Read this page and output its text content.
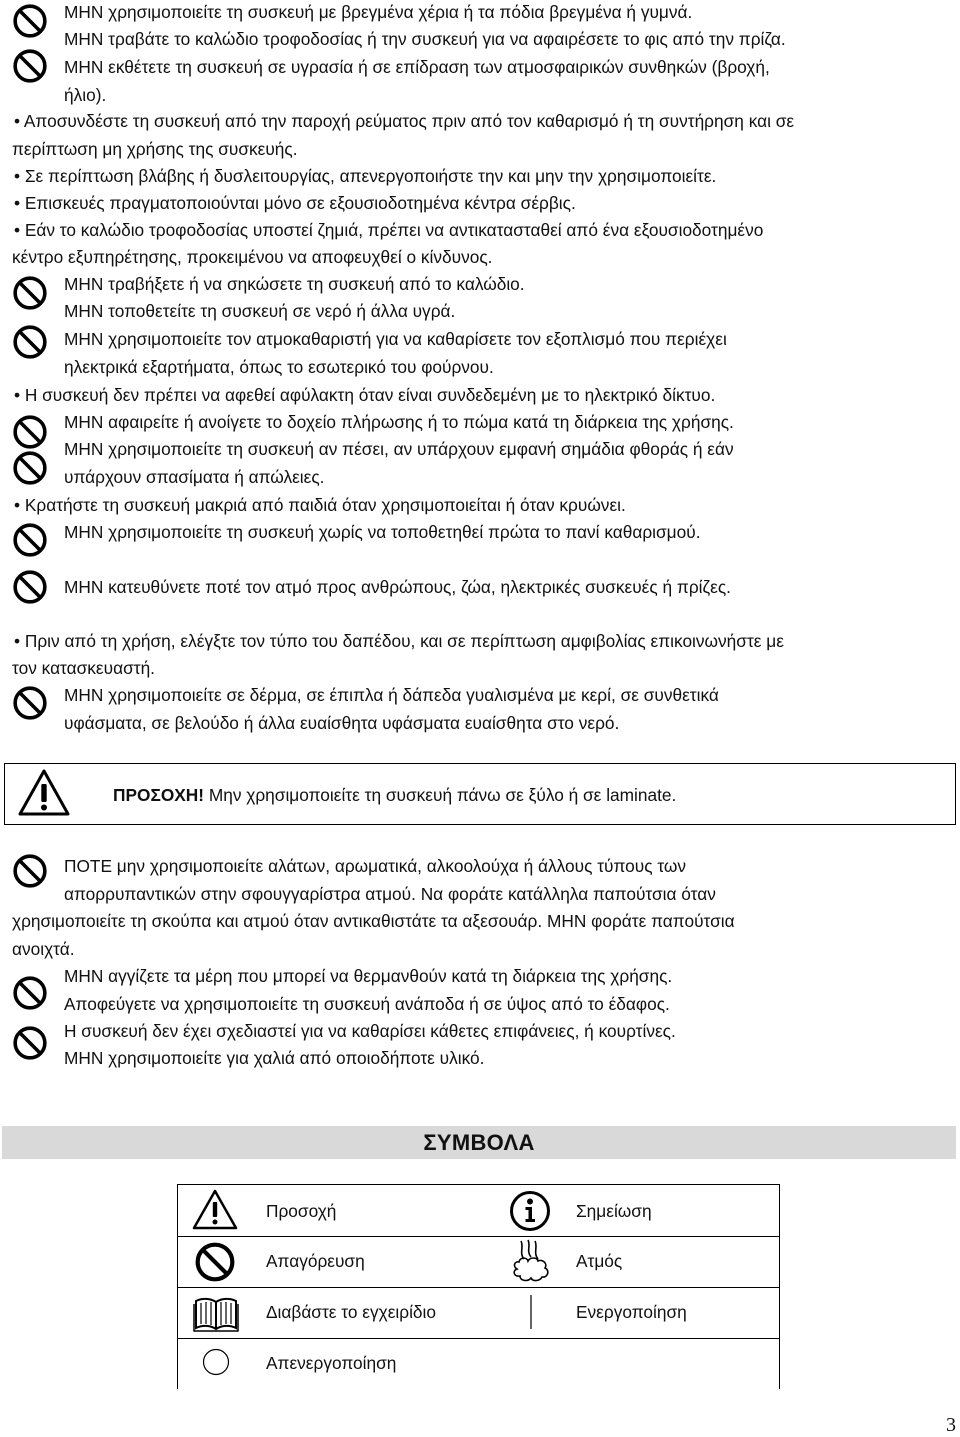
ΜΗΝ χρησιμοποιείτε τη συσκευή με βρεγμένα χέρια ή τα πόδια βρεγμένα ή γυμνά.
ΜΗΝ τραβάτε το καλώδιο τροφοδοσίας ή την συσκευή για να αφαιρέσετε το φις από την πρίζα.
ΜΗΝ εκθέτετε τη συσκευή σε υγρασία ή σε επίδραση των ατμοσφαιρικών συνθηκών (βροχή,
ήλιο).
• Αποσυνδέστε τη συσκευή από την παροχή ρεύματος πριν από τον καθαρισμό ή τη συντήρηση και σε
περίπτωση μη χρήσης της συσκευής.
• Σε περίπτωση βλάβης ή δυσλειτουργίας, απενεργοποιήστε την και μην την χρησιμοποιείτε.
• Επισκευές πραγματοποιούνται μόνο σε εξουσιοδοτημένα κέντρα σέρβις.
• Εάν το καλώδιο τροφοδοσίας υποστεί ζημιά, πρέπει να αντικατασταθεί από ένα εξουσιοδοτημένο
κέντρο εξυπηρέτησης, προκειμένου να αποφευχθεί ο κίνδυνος.
ΜΗΝ τραβήξετε ή να σηκώσετε τη συσκευή από το καλώδιο.
ΜΗΝ τοποθετείτε τη συσκευή σε νερό ή άλλα υγρά.
ΜΗΝ χρησιμοποιείτε τον ατμοκαθαριστή για να καθαρίσετε τον εξοπλισμό που περιέχει
ηλεκτρικά εξαρτήματα, όπως το εσωτερικό του φούρνου.
• Η συσκευή δεν πρέπει να αφεθεί αφύλακτη όταν είναι συνδεδεμένη με το ηλεκτρικό δίκτυο.
ΜΗΝ αφαιρείτε ή ανοίγετε το δοχείο πλήρωσης ή το πώμα κατά τη διάρκεια της χρήσης.
ΜΗΝ χρησιμοποιείτε τη συσκευή αν πέσει, αν υπάρχουν εμφανή σημάδια φθοράς ή εάν
υπάρχουν σπασίματα ή απώλειες.
• Κρατήστε τη συσκευή μακριά από παιδιά όταν χρησιμοποιείται ή όταν κρυώνει.
ΜΗΝ χρησιμοποιείτε τη συσκευή χωρίς να τοποθετηθεί πρώτα το πανί καθαρισμού.
ΜΗΝ κατευθύνετε ποτέ τον ατμό προς ανθρώπους, ζώα, ηλεκτρικές συσκευές ή πρίζες.
• Πριν από τη χρήση, ελέγξτε τον τύπο του δαπέδου, και σε περίπτωση αμφιβολίας επικοινωνήστε με
τον κατασκευαστή.
ΜΗΝ χρησιμοποιείτε σε δέρμα, σε έπιπλα ή δάπεδα γυαλισμένα με κερί, σε συνθετικά
υφάσματα, σε βελούδο ή άλλα ευαίσθητα υφάσματα ευαίσθητα στο νερό.
ΠΡΟΣΟΧΗ! Μην χρησιμοποιείτε τη συσκευή πάνω σε ξύλο ή σε laminate.
ΠΟΤΕ μην χρησιμοποιείτε αλάτων, αρωματικά, αλκοολούχα ή άλλους τύπους των
απορρυπαντικών στην σφουγγαρίστρα ατμού. Να φοράτε κατάλληλα παπούτσια όταν
χρησιμοποιείτε τη σκούπα και ατμού όταν αντικαθιστάτε τα αξεσουάρ. ΜΗΝ φοράτε παπούτσια
ανοιχτά.
ΜΗΝ αγγίζετε τα μέρη που μπορεί να θερμανθούν κατά τη διάρκεια της χρήσης.
Αποφεύγετε να χρησιμοποιείτε τη συσκευή ανάποδα ή σε ύψος από το έδαφος.
Η συσκευή δεν έχει σχεδιαστεί για να καθαρίσει κάθετες επιφάνειες, ή κουρτίνες.
ΜΗΝ χρησιμοποιείτε για χαλιά από οποιοδήποτε υλικό.
ΣΥΜΒΟΛΑ
Προσοχή	Σημείωση
Απαγόρευση	Ατμός
Διαβάστε το εγχειρίδιο	Ενεργοποίηση
Απενεργοποίηση
3
